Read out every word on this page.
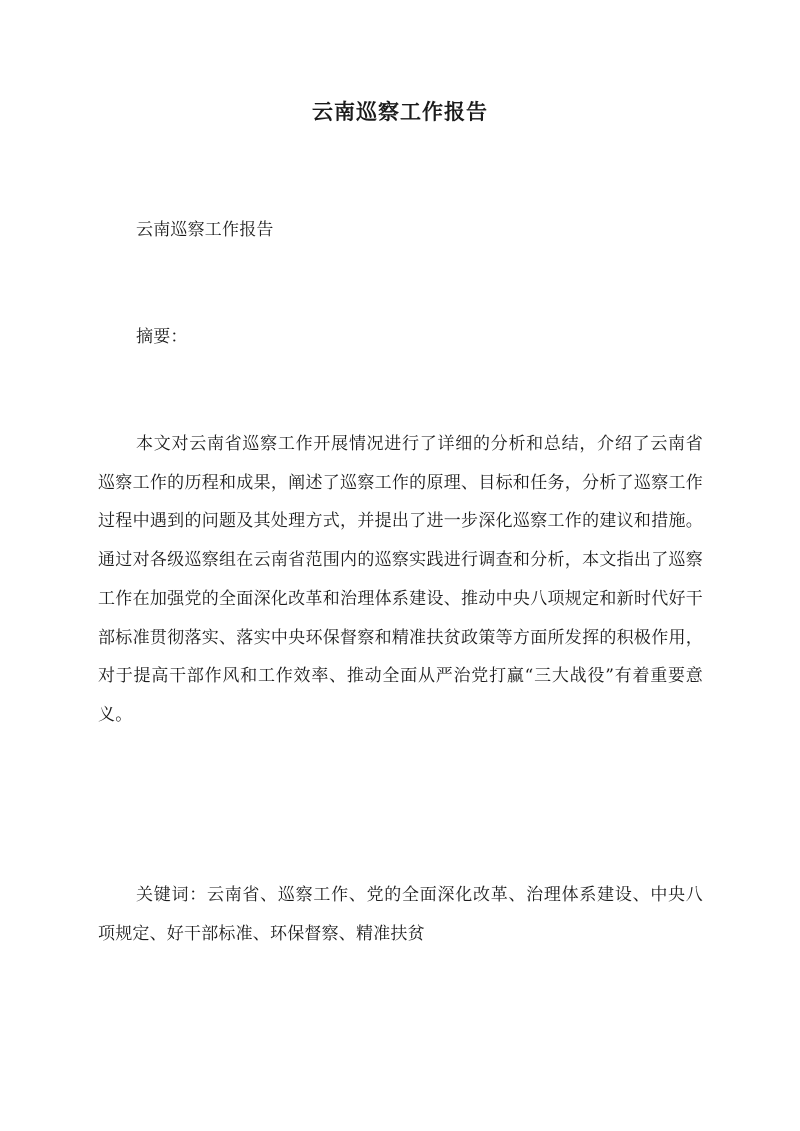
云南巡察工作报告

云南巡察工作报告

摘要：

本文对云南省巡察工作开展情况进行了详细的分析和总结，介绍了云南省巡察工作的历程和成果，阐述了巡察工作的原理、目标和任务，分析了巡察工作过程中遇到的问题及其处理方式，并提出了进一步深化巡察工作的建议和措施。通过对各级巡察组在云南省范围内的巡察实践进行调查和分析，本文指出了巡察工作在加强党的全面深化改革和治理体系建设、推动中央八项规定和新时代好干部标准贯彻落实、落实中央环保督察和精准扶贫政策等方面所发挥的积极作用，对于提高干部作风和工作效率、推动全面从严治党打赢“三大战役”有着重要意义。

关键词：云南省、巡察工作、党的全面深化改革、治理体系建设、中央八项规定、好干部标准、环保督察、精准扶贫
